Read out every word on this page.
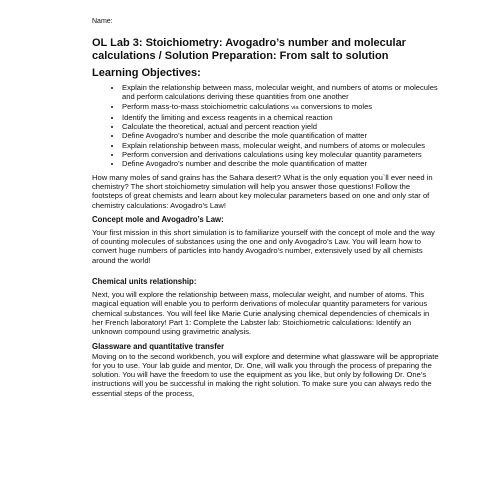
Name:
OL Lab 3: Stoichiometry: Avogadro’s number and molecular calculations / Solution Preparation: From salt to solution
Learning Objectives:
• Explain the relationship between mass, molecular weight, and numbers of atoms or molecules and perform calculations deriving these quantities from one another
• Perform mass-to-mass stoichiometric calculations via conversions to moles
• Identify the limiting and excess reagents in a chemical reaction
• Calculate the theoretical, actual and percent reaction yield
• Define Avogadro’s number and describe the mole quantification of matter
• Explain relationship between mass, molecular weight, and numbers of atoms or molecules
• Perform conversion and derivations calculations using key molecular quantity parameters
• Define Avogadro’s number and describe the mole quantification of matter

How many moles of sand grains has the Sahara desert? What is the only equation you`ll ever need in chemistry? The short stoichiometry simulation will help you answer those questions! Follow the footsteps of great chemists and learn about key molecular parameters based on one and only star of chemistry calculations: Avogadro’s Law!

Concept mole and Avogadro’s Law:

Your first mission in this short simulation is to familiarize yourself with the concept of mole and the way of counting molecules of substances using the one and only Avogadro’s Law. You will learn how to convert huge numbers of particles into handy Avogadro’s number, extensively used by all chemists around the world!

Chemical units relationship:

Next, you will explore the relationship between mass, molecular weight, and number of atoms. This magical equation will enable you to perform derivations of molecular quantity parameters for various chemical substances. You will feel like Marie Curie analysing chemical dependencies of chemicals in her French laboratory! Part 1: Complete the Labster lab: Stoichiometric calculations: Identify an unknown compound using gravimetric analysis.

Glassware and quantitative transfer

Moving on to the second workbench, you will explore and determine what glassware will be appropriate for you to use. Your lab guide and mentor, Dr. One, will walk you through the process of preparing the solution. You will have the freedom to use the equipment as you like, but only by following Dr. One’s instructions will you be successful in making the right solution. To make sure you can always redo the essential steps of the process,
